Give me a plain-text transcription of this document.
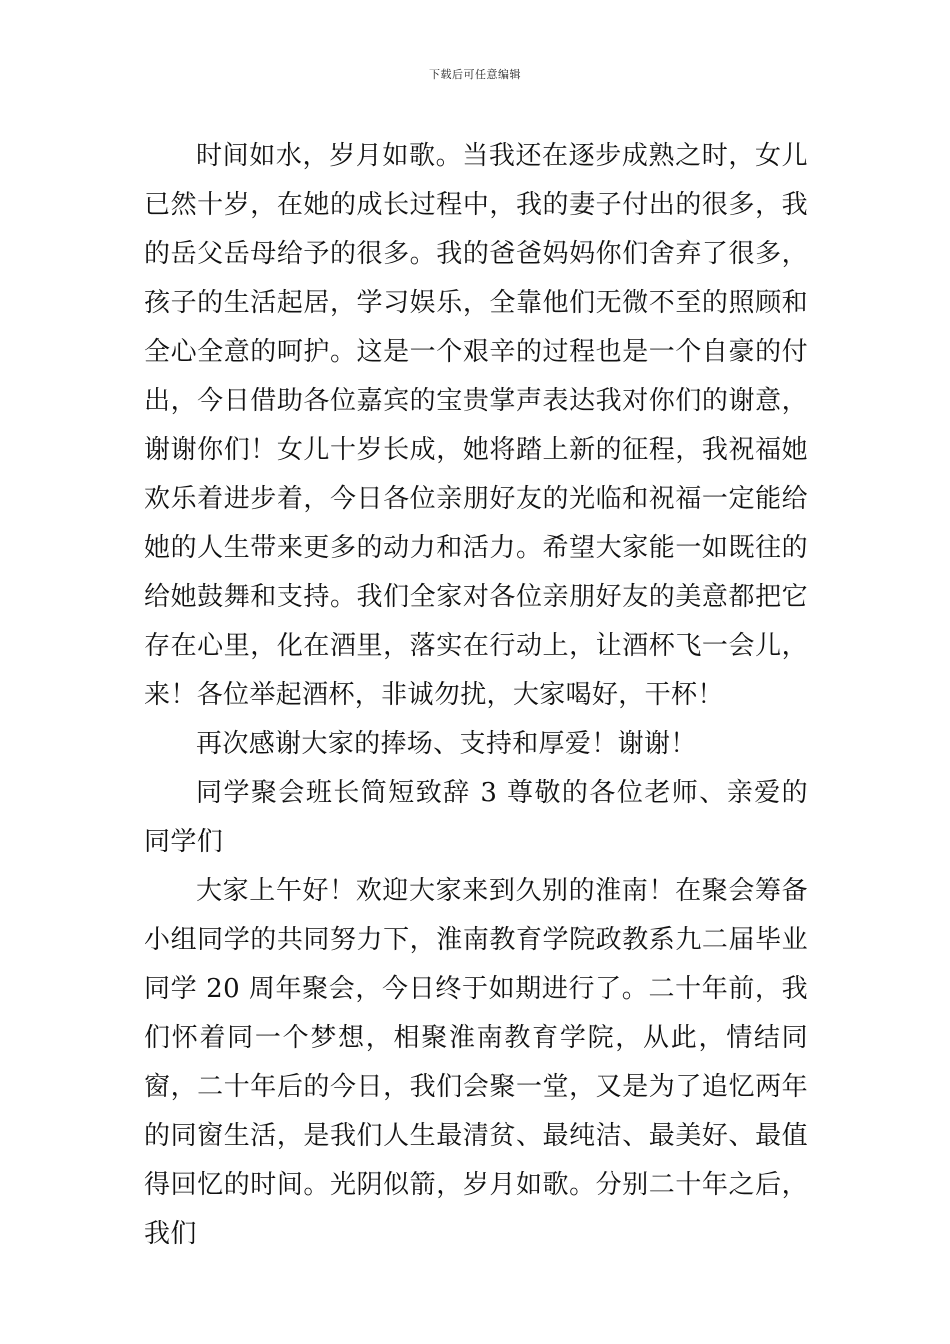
下载后可任意编辑

时间如水，岁月如歌。当我还在逐步成熟之时，女儿已然十岁，在她的成长过程中，我的妻子付出的很多，我的岳父岳母给予的很多。我的爸爸妈妈你们舍弃了很多，孩子的生活起居，学习娱乐，全靠他们无微不至的照顾和全心全意的呵护。这是一个艰辛的过程也是一个自豪的付出，今日借助各位嘉宾的宝贵掌声表达我对你们的谢意，谢谢你们！女儿十岁长成，她将踏上新的征程，我祝福她欢乐着进步着，今日各位亲朋好友的光临和祝福一定能给她的人生带来更多的动力和活力。希望大家能一如既往的给她鼓舞和支持。我们全家对各位亲朋好友的美意都把它存在心里，化在酒里，落实在行动上，让酒杯飞一会儿，来！各位举起酒杯，非诚勿扰，大家喝好，干杯！

再次感谢大家的捧场、支持和厚爱！谢谢！

同学聚会班长简短致辞 3 尊敬的各位老师、亲爱的同学们

大家上午好！欢迎大家来到久别的淮南！在聚会筹备小组同学的共同努力下，淮南教育学院政教系九二届毕业同学 20 周年聚会，今日终于如期进行了。二十年前，我们怀着同一个梦想，相聚淮南教育学院，从此，情结同窗，二十年后的今日，我们会聚一堂，又是为了追忆两年的同窗生活，是我们人生最清贫、最纯洁、最美好、最值得回忆的时间。光阴似箭，岁月如歌。分别二十年之后，我们
